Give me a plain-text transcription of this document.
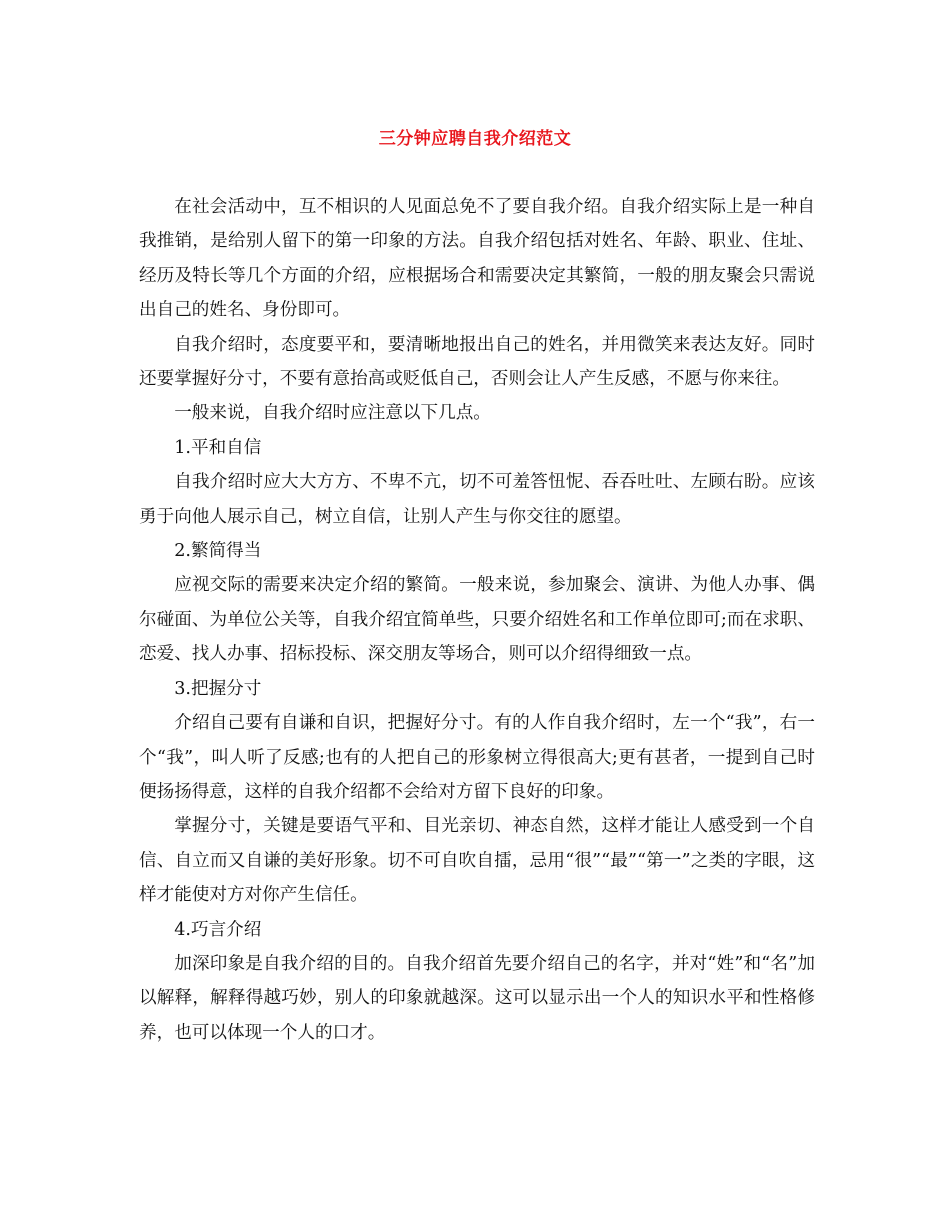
三分钟应聘自我介绍范文

在社会活动中，互不相识的人见面总免不了要自我介绍。自我介绍实际上是一种自我推销，是给别人留下的第一印象的方法。自我介绍包括对姓名、年龄、职业、住址、经历及特长等几个方面的介绍，应根据场合和需要决定其繁简，一般的朋友聚会只需说出自己的姓名、身份即可。

自我介绍时，态度要平和，要清晰地报出自己的姓名，并用微笑来表达友好。同时还要掌握好分寸，不要有意抬高或贬低自己，否则会让人产生反感，不愿与你来往。

一般来说，自我介绍时应注意以下几点。

1.平和自信

自我介绍时应大大方方、不卑不亢，切不可羞答忸怩、吞吞吐吐、左顾右盼。应该勇于向他人展示自己，树立自信，让别人产生与你交往的愿望。

2.繁简得当

应视交际的需要来决定介绍的繁简。一般来说，参加聚会、演讲、为他人办事、偶尔碰面、为单位公关等，自我介绍宜简单些，只要介绍姓名和工作单位即可;而在求职、恋爱、找人办事、招标投标、深交朋友等场合，则可以介绍得细致一点。

3.把握分寸

介绍自己要有自谦和自识，把握好分寸。有的人作自我介绍时，左一个“我”，右一个“我”，叫人听了反感;也有的人把自己的形象树立得很高大;更有甚者，一提到自己时便扬扬得意，这样的自我介绍都不会给对方留下良好的印象。

掌握分寸，关键是要语气平和、目光亲切、神态自然，这样才能让人感受到一个自信、自立而又自谦的美好形象。切不可自吹自擂，忌用“很”“最”“第一”之类的字眼，这样才能使对方对你产生信任。

4.巧言介绍

加深印象是自我介绍的目的。自我介绍首先要介绍自己的名字，并对“姓”和“名”加以解释，解释得越巧妙，别人的印象就越深。这可以显示出一个人的知识水平和性格修养，也可以体现一个人的口才。
